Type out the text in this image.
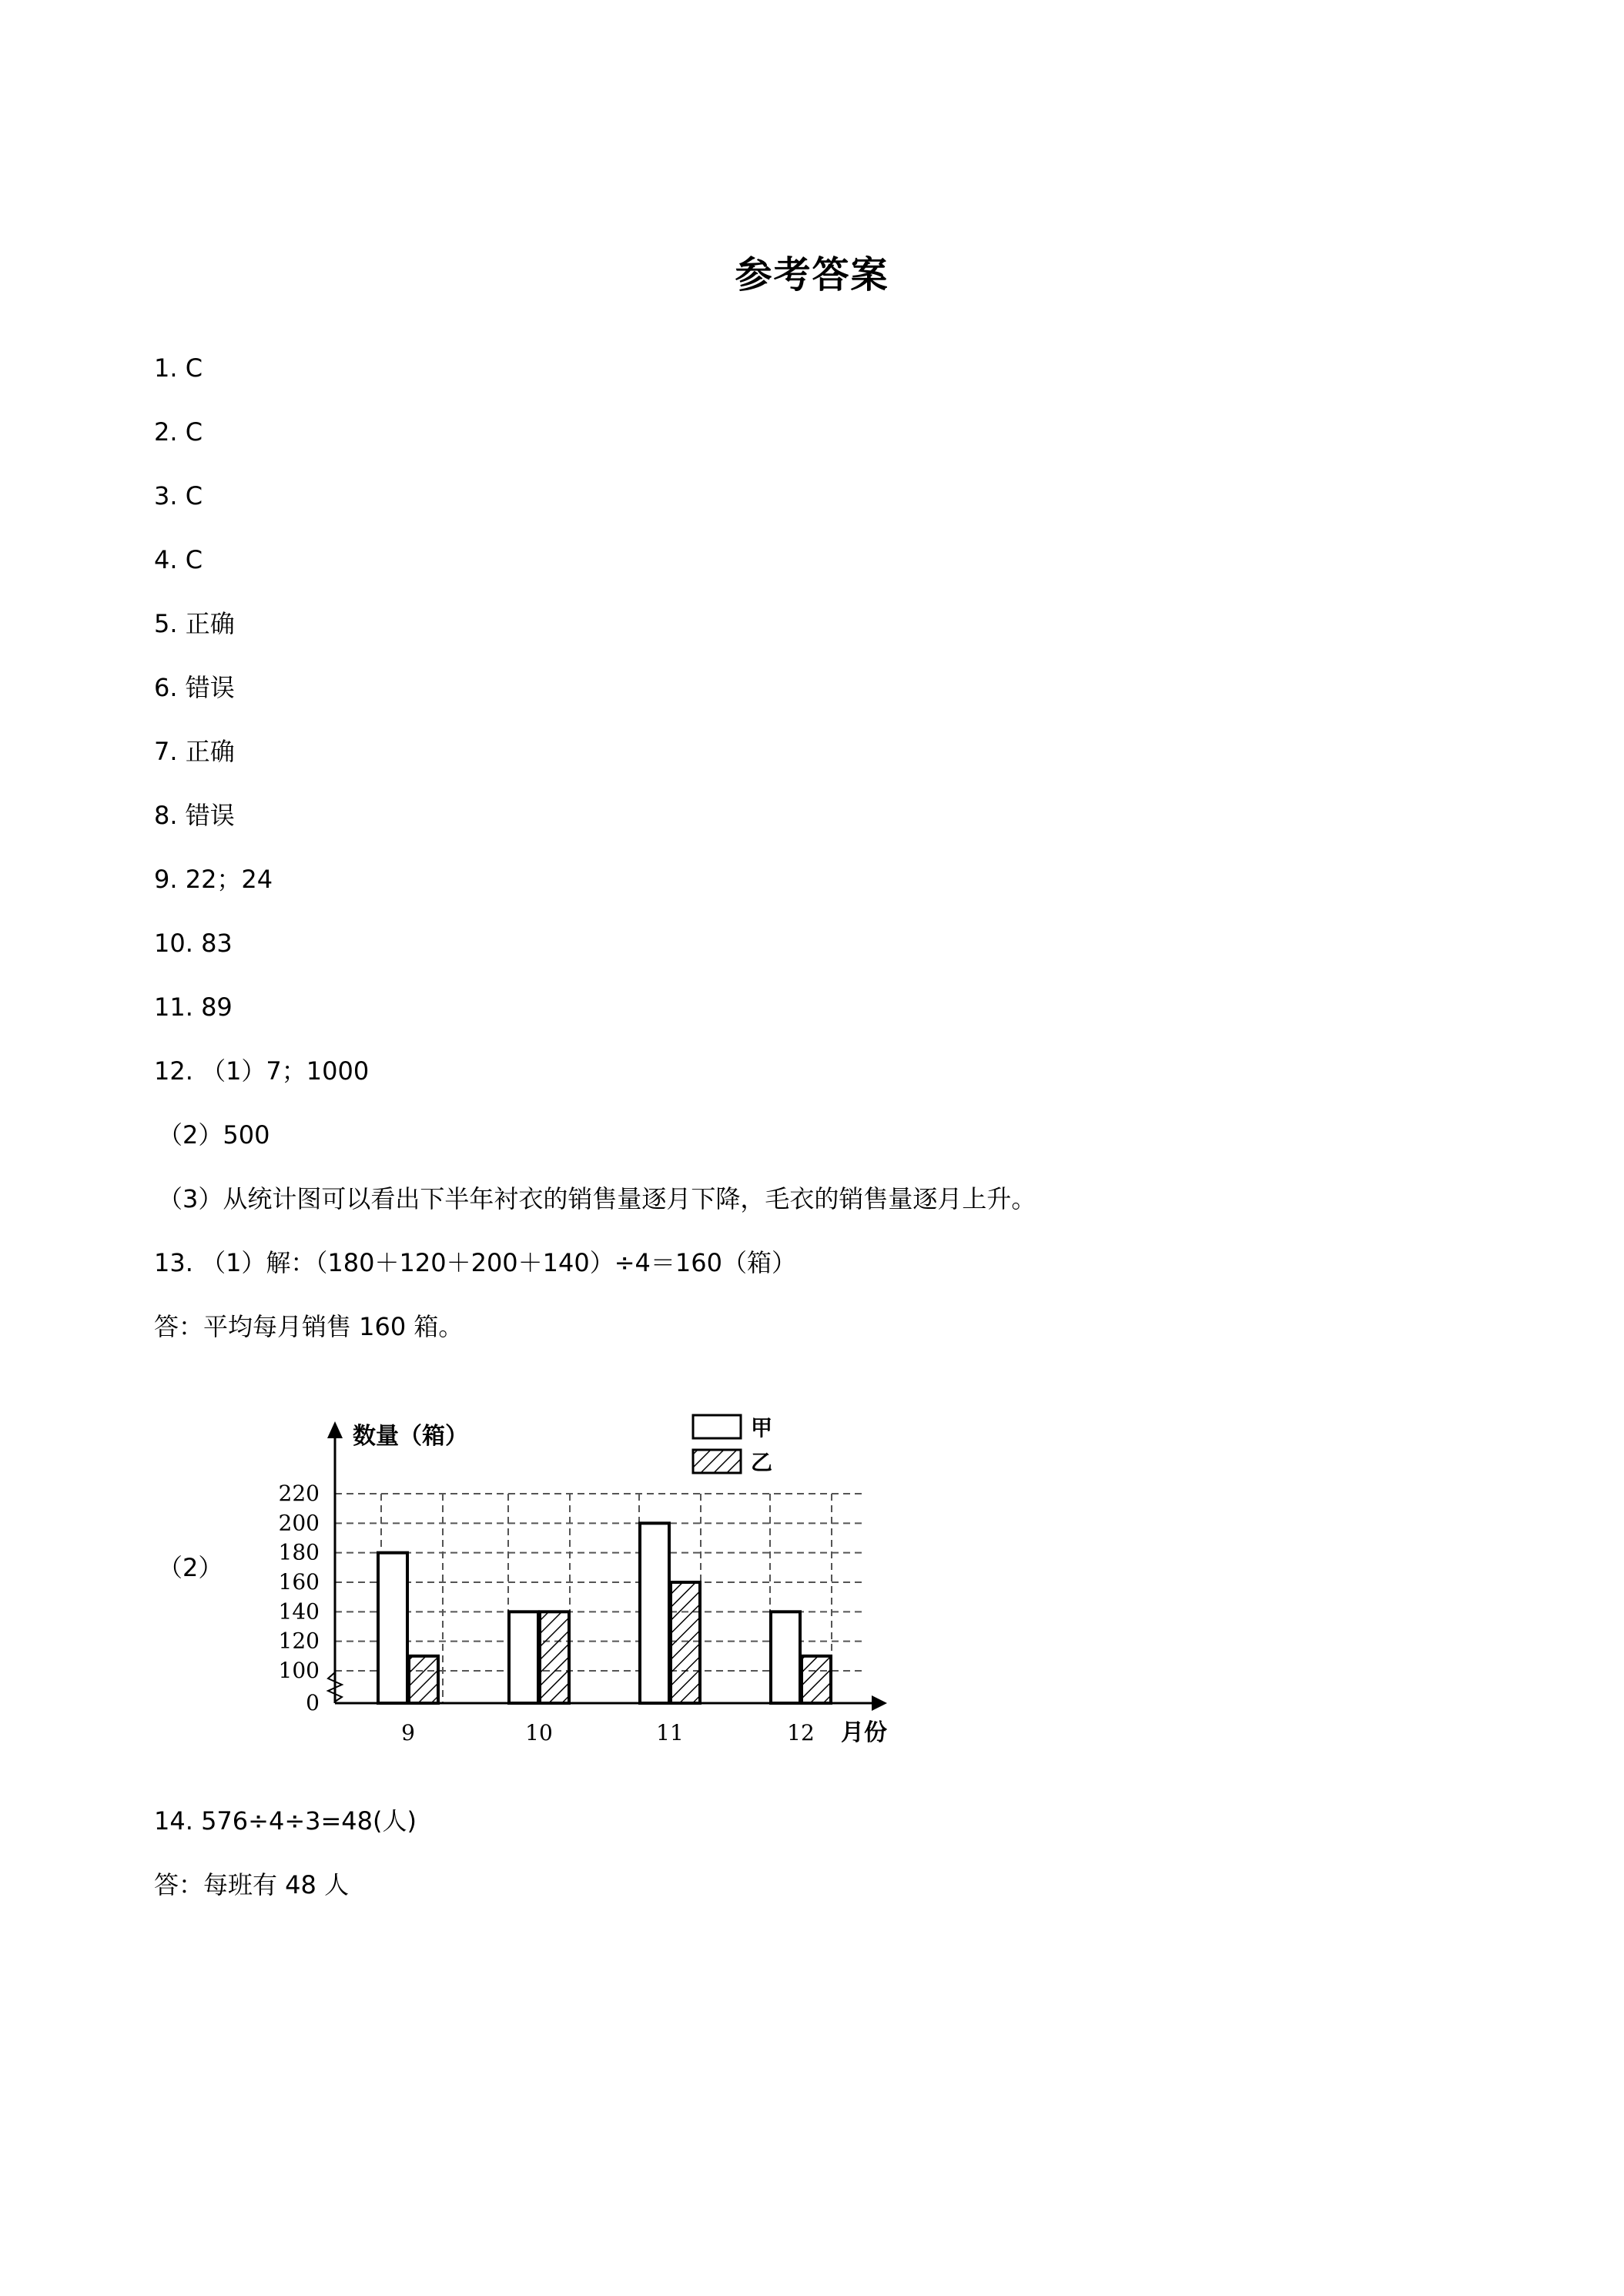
参考答案
1. C
2. C
3. C
4. C
5. 正确
6. 错误
7. 正确
8. 错误
9. 22；24
10. 83
11. 89
12. （1）7；1000
（2）500
（3）从统计图可以看出下半年衬衣的销售量逐月下降，毛衣的销售量逐月上升。
13. （1）解：（180＋120＋200＋140）÷4＝160（箱）
答：平均每月销售 160 箱。
（2）
0
100
120
140
160
180
200
220
数量（箱）
月份
9	10	11	12
甲
乙
14. 576÷4÷3=48(人)
答：每班有 48 人
